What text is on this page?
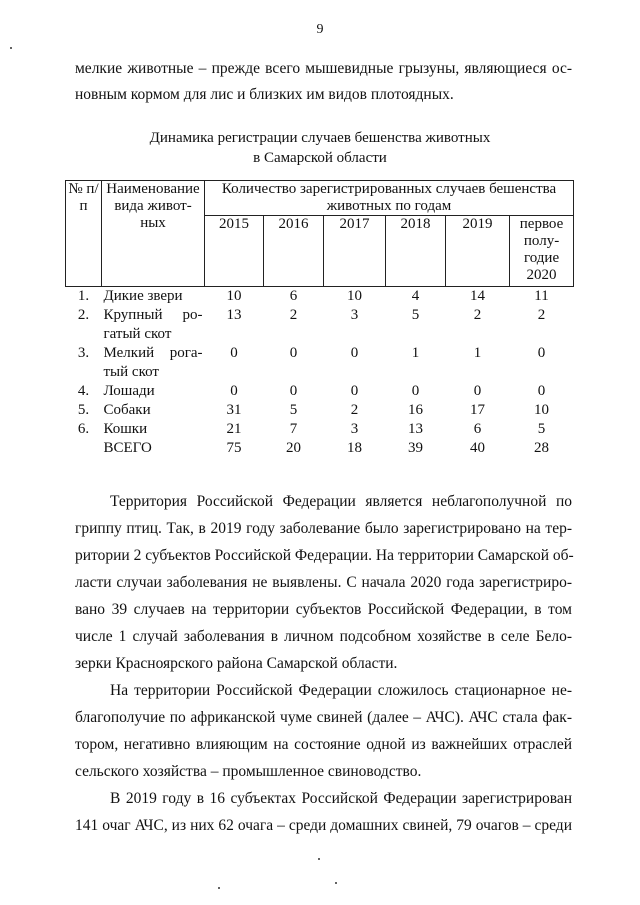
9
мелкие животные – прежде всего мышевидные грызуны, являющиеся ос-
новным кормом для лис и близких им видов плотоядных.
Динамика регистрации случаев бешенства животных
в Самарской области
№ п/п	Наименование вида живот-ных	Количество зарегистрированных случаев бешенства животных по годам					
		2015	2016	2017	2018	2019	первое полу-годие 2020
1.	Дикие звери	10	6	10	4	14	11
2.	Крупный ро-	13	2	3	5	2	2
	гатый скот						
3.	Мелкий рога-	0	0	0	1	1	0
	тый скот						
4.	Лошади	0	0	0	0	0	0
5.	Собаки	31	5	2	16	17	10
6.	Кошки	21	7	3	13	6	5
	ВСЕГО	75	20	18	39	40	28
Территория Российской Федерации является неблагополучной по
гриппу птиц. Так, в 2019 году заболевание было зарегистрировано на тер-
ритории 2 субъектов Российской Федерации. На территории Самарской об-
ласти случаи заболевания не выявлены. С начала 2020 года зарегистриро-
вано 39 случаев на территории субъектов Российской Федерации, в том
числе 1 случай заболевания в личном подсобном хозяйстве в селе Бело-
зерки Красноярского района Самарской области.
На территории Российской Федерации сложилось стационарное не-
благополучие по африканской чуме свиней (далее – АЧС). АЧС стала фак-
тором, негативно влияющим на состояние одной из важнейших отраслей
сельского хозяйства – промышленное свиноводство.
В 2019 году в 16 субъектах Российской Федерации зарегистрирован
141 очаг АЧС, из них 62 очага – среди домашних свиней, 79 очагов – среди
